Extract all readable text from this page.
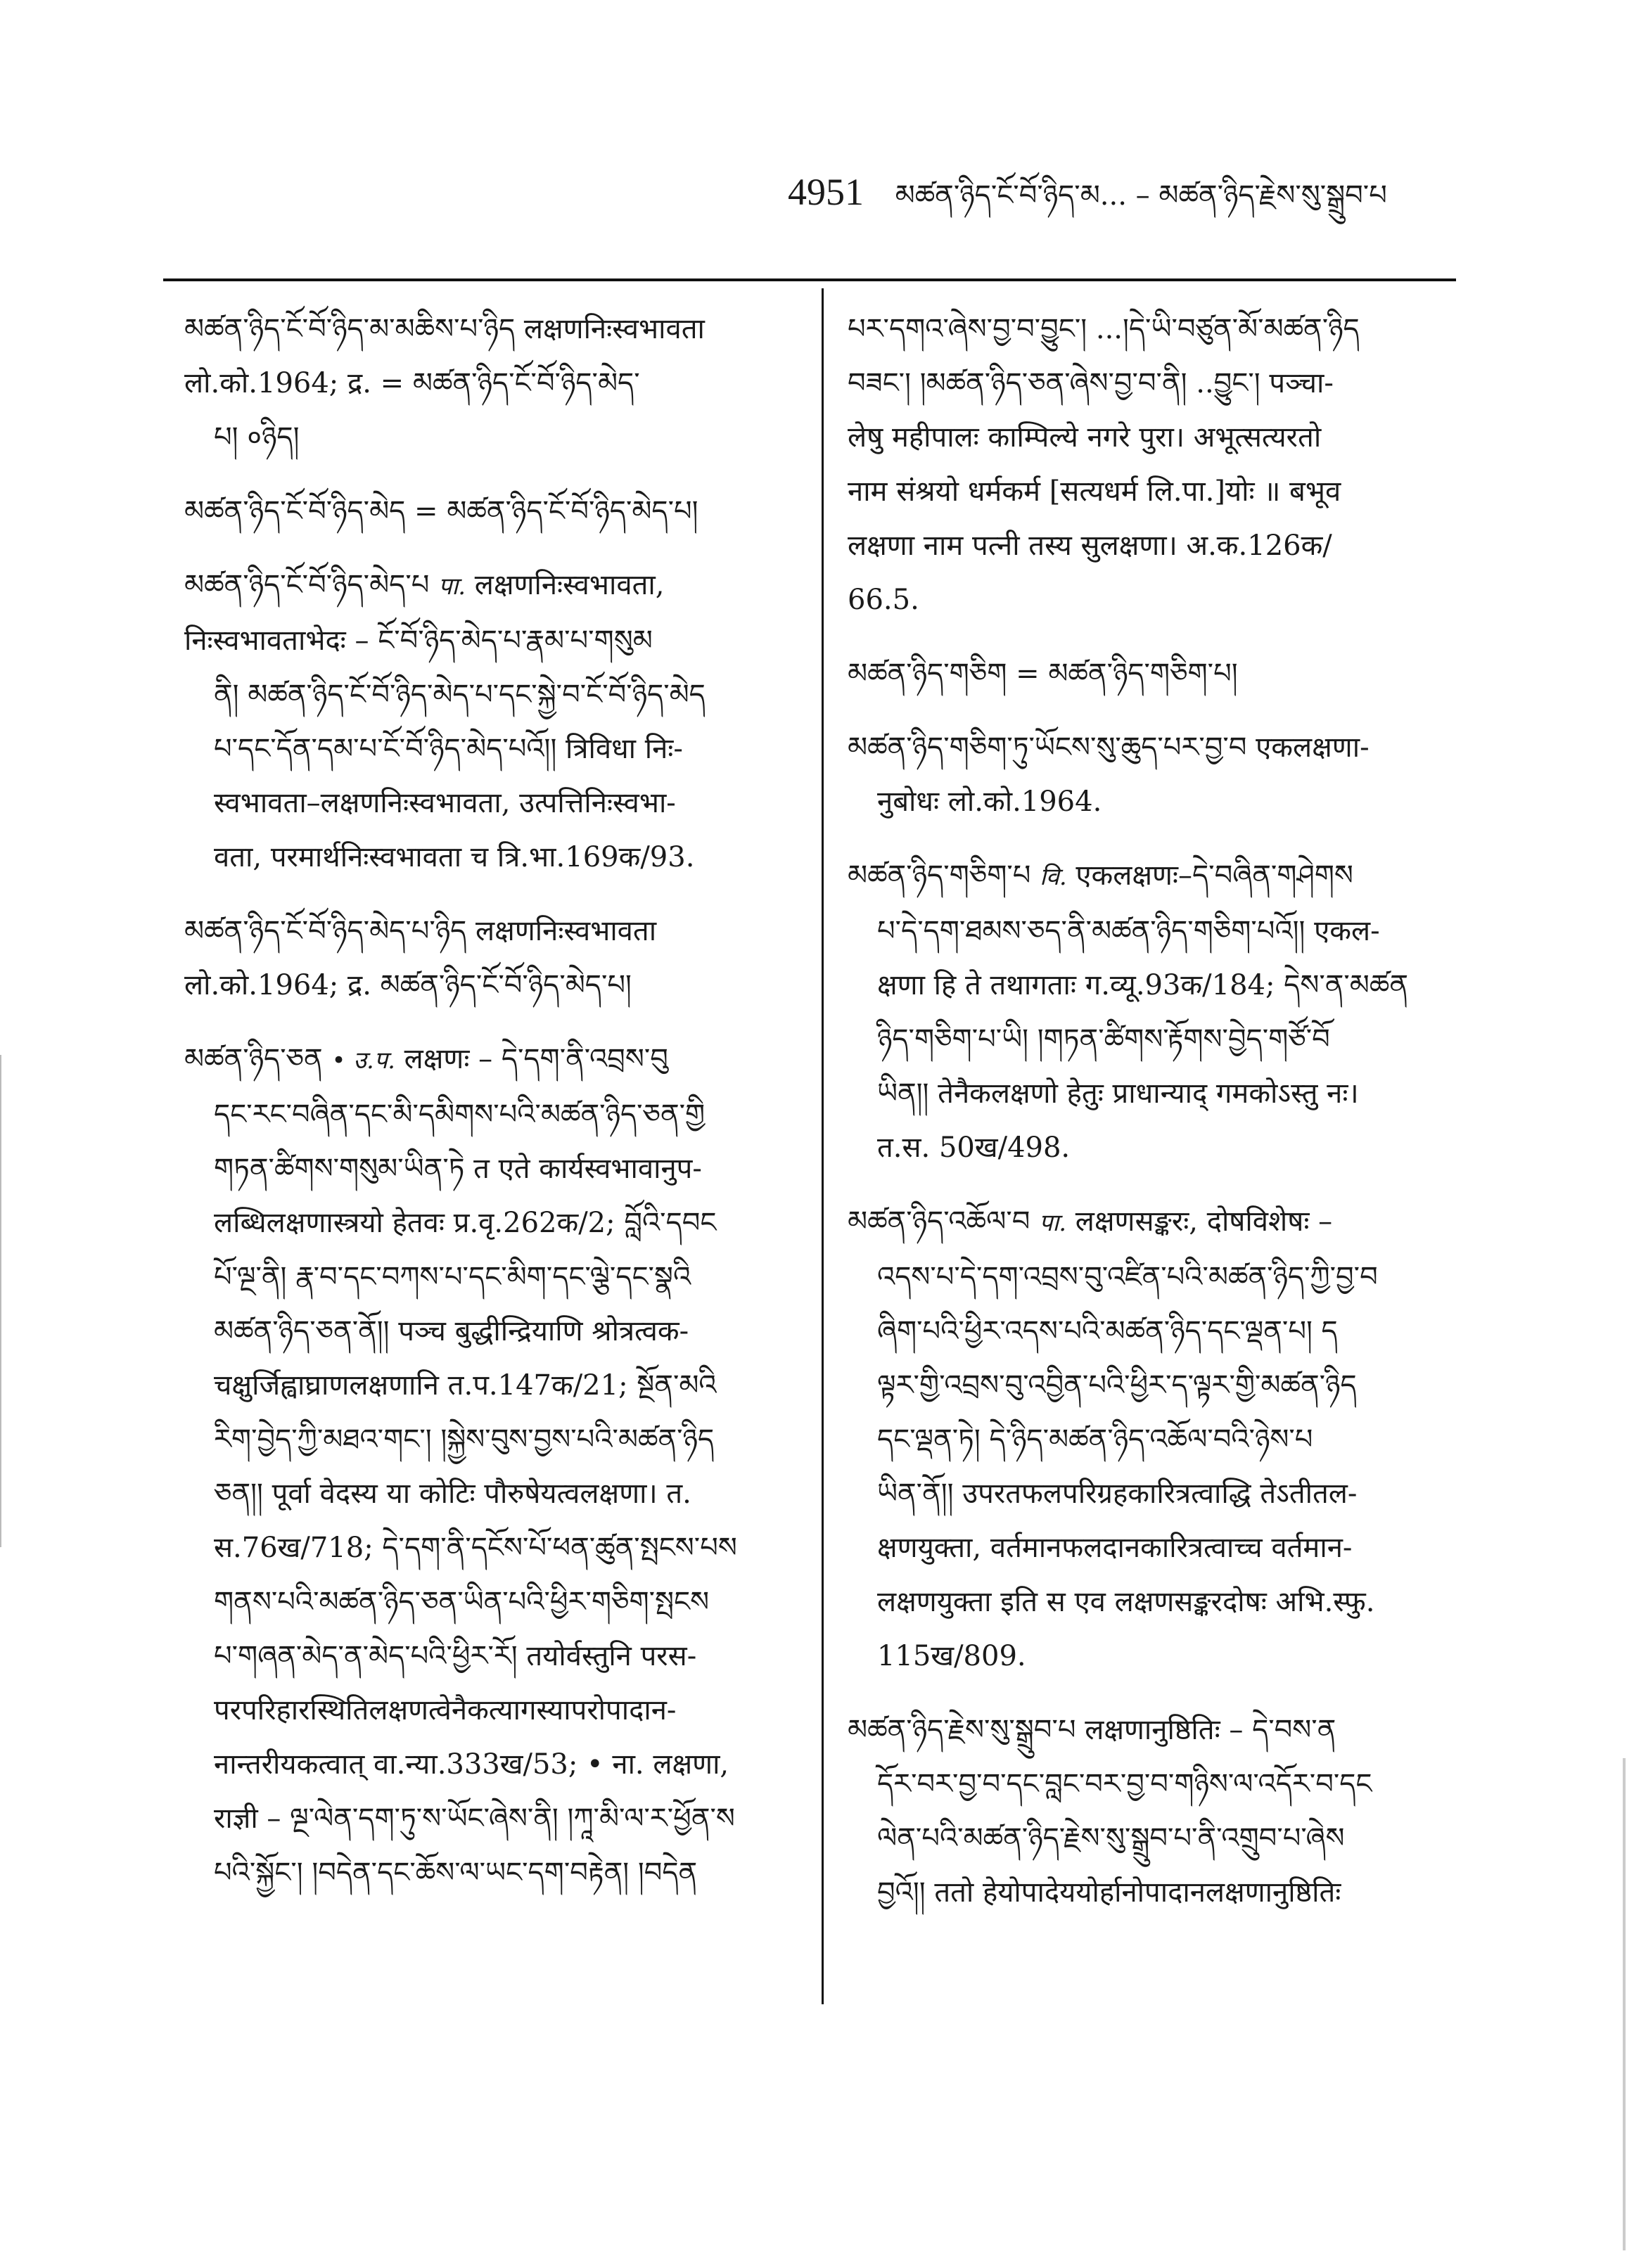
4951 མཚན་ཉིད་ངོ་བོ་ཉིད་མ... – མཚན་ཉིད་རྗེས་སུ་སྒྲུབ་པ

མཚན་ཉིད་ངོ་བོ་ཉིད་མ་མཆིས་པ་ཉིད लक्षणनिःस्वभावता लो.को.1964; द्र. = མཚན་ཉིད་ངོ་བོ་ཉིད་མེད་

པ། ०ཉིད།

མཚན་ཉིད་ངོ་བོ་ཉིད་མེད = མཚན་ཉིད་ངོ་བོ་ཉིད་མེད་པ།

མཚན་ཉིད་ངོ་བོ་ཉིད་མེད་པ पा. लक्षणनिःस्वभावता, निःस्वभावताभेदः – ངོ་བོ་ཉིད་མེད་པ་རྣམ་པ་གསུམ

ནི། མཚན་ཉིད་ངོ་བོ་ཉིད་མེད་པ་དང་སྐྱེ་བ་ངོ་བོ་ཉིད་མེད

པ་དང་དོན་དམ་པ་ངོ་བོ་ཉིད་མེད་པའོ།། त्रिविधा निः-

स्वभावता–लक्षणनिःस्वभावता, उत्पत्तिनिःस्वभा-

वता, परमार्थनिःस्वभावता च त्रि.भा.169क/93.

མཚན་ཉིད་ངོ་བོ་ཉིད་མེད་པ་ཉིད लक्षणनिःस्वभावता लो.को.1964; द्र. མཚན་ཉིད་ངོ་བོ་ཉིད་མེད་པ།

མཚན་ཉིད་ཅན • उ.प. लक्षणः – དེ་དག་ནི་འབྲས་བུ

དང་རང་བཞིན་དང་མི་དམིགས་པའི་མཚན་ཉིད་ཅན་གྱི

གཏན་ཚིགས་གསུམ་ཡིན་ཏེ त एते कार्यस्वभावानुप-

लब्धिलक्षणास्त्रयो हेतवः प्र.वृ.262क/2; བློའི་དབང

པོ་ལྔ་ནི། རྣ་བ་དང་བཀས་པ་དང་མིག་དང་ལྕེ་དང་སྣའི

མཚན་ཉིད་ཅན་ནོ།། पञ्च बुद्धीन्द्रियाणि श्रोत्रत्वक-

चक्षुर्जिह्वाघ्राणलक्षणानि त.प.147क/21; སྔོན་མའི

རིག་བྱེད་ཀྱི་མཐའ་གང་། །སྐྱེས་བུས་བྱས་པའི་མཚན་ཉིད

ཅན།། पूर्वा वेदस्य या कोटिः पौरुषेयत्वलक्षणा। त.

स.76ख/718; དེ་དག་ནི་དངོས་པོ་ཕན་ཚུན་སྤངས་པས

གནས་པའི་མཚན་ཉིད་ཅན་ཡིན་པའི་ཕྱིར་གཅིག་སྤངས

པ་གཞན་མེད་ན་མེད་པའི་ཕྱིར་རོ། तयोर्वस्तुनि परस-

परपरिहारस्थितिलक्षणत्वेनैकत्यागस्यापरोपादान-

नान्तरीयकत्वात् वा.न्या.333ख/53; • ना. लक्षणा,

राज्ञी – ལྔ་ལེན་དག་ཏུ་ས་ཡོང་ཞེས་ནི། །ཀཱ་མི་ལ་ར་ཕྱོན་ས

པའི་སྐྱོང་། །བདེན་དང་ཆོས་ལ་ཡང་དག་བརྟེན། །བདེན

པར་དགའ་ཞེས་བྱ་བ་བྱུང་། ...།དེ་ཡི་བཙུན་མོ་མཚན་ཉིད

བཟང་། །མཚན་ཉིད་ཅན་ཞེས་བྱ་བ་ནི། ..བྱུང་། पञ्चा-

लेषु महीपालः काम्पिल्ये नगरे पुरा। अभूत्सत्यरतो

नाम संश्रयो धर्मकर्म [सत्यधर्म लि.पा.]योः ॥ बभूव

लक्षणा नाम पत्नी तस्य सुलक्षणा। अ.क.126क/

66.5.

མཚན་ཉིད་གཅིག = མཚན་ཉིད་གཅིག་པ།

མཚན་ཉིད་གཅིག་ཏུ་ཡོངས་སུ་ཆུད་པར་བྱ་བ एकलक्षणा-

नुबोधः लो.को.1964.

མཚན་ཉིད་གཅིག་པ वि. एकलक्षणः–དེ་བཞིན་གཤེགས

པ་དེ་དག་ཐམས་ཅད་ནི་མཚན་ཉིད་གཅིག་པའོ།། एकल-

क्षणा हि ते तथागताः ग.व्यू.93क/184; དེས་ན་མཚན

ཉིད་གཅིག་པ་ཡི། །གཏན་ཚིགས་རྟོགས་བྱེད་གཙོ་བོ

ཡིན།། तेनैकलक्षणो हेतुः प्राधान्याद् गमकोऽस्तु नः।

त.स. 50ख/498.

མཚན་ཉིད་འཆོལ་བ पा. लक्षणसङ्करः, दोषविशेषः –

འདས་པ་དེ་དག་འབྲས་བུ་འཛིན་པའི་མཚན་ཉིད་ཀྱི་བྱ་བ

ཞིག་པའི་ཕྱིར་འདས་པའི་མཚན་ཉིད་དང་ལྡན་པ། ད

ལྟར་གྱི་འབྲས་བུ་འབྱིན་པའི་ཕྱིར་ད་ལྟར་གྱི་མཚན་ཉིད

དང་ལྡན་ཏེ། དེ་ཉིད་མཚན་ཉིད་འཆོལ་བའི་ཉེས་པ

ཡིན་ནོ།། उपरतफलपरिग्रहकारित्रत्वाद्धि तेऽतीतल-

क्षणयुक्ता, वर्तमानफलदानकारित्रत्वाच्च वर्तमान-

लक्षणयुक्ता इति स एव लक्षणसङ्करदोषः अभि.स्फु.

115ख/809.

མཚན་ཉིད་རྗེས་སུ་སྒྲུབ་པ लक्षणानुष्ठितिः – དེ་བས་ན

དོར་བར་བྱ་བ་དང་བླང་བར་བྱ་བ་གཉིས་ལ་འདོར་བ་དང

ལེན་པའི་མཚན་ཉིད་རྗེས་སུ་སྒྲུབ་པ་ནི་འགྲུབ་པ་ཞེས

བྱའོ།། ततो हेयोपादेययोर्हानोपादानलक्षणानुष्ठितिः
